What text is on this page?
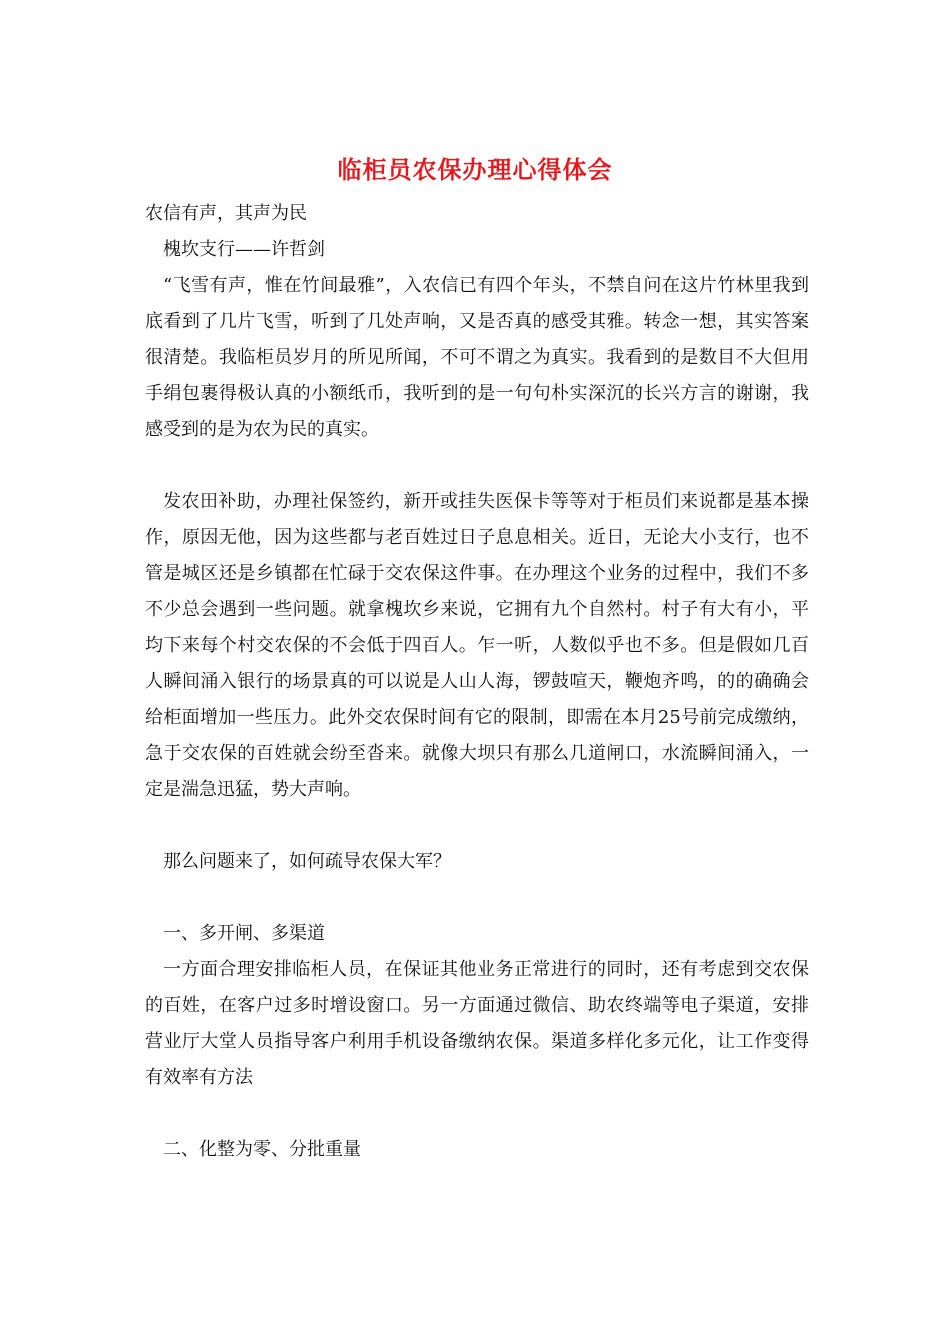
临柜员农保办理心得体会

农信有声，其声为民

槐坎支行——许哲剑

“飞雪有声，惟在竹间最雅”，入农信已有四个年头，不禁自问在这片竹林里我到底看到了几片飞雪，听到了几处声响，又是否真的感受其雅。转念一想，其实答案很清楚。我临柜员岁月的所见所闻，不可不谓之为真实。我看到的是数目不大但用手绢包裹得极认真的小额纸币，我听到的是一句句朴实深沉的长兴方言的谢谢，我感受到的是为农为民的真实。

发农田补助，办理社保签约，新开或挂失医保卡等等对于柜员们来说都是基本操作，原因无他，因为这些都与老百姓过日子息息相关。近日，无论大小支行，也不管是城区还是乡镇都在忙碌于交农保这件事。在办理这个业务的过程中，我们不多不少总会遇到一些问题。就拿槐坎乡来说，它拥有九个自然村。村子有大有小，平均下来每个村交农保的不会低于四百人。乍一听，人数似乎也不多。但是假如几百人瞬间涌入银行的场景真的可以说是人山人海，锣鼓喧天，鞭炮齐鸣，的的确确会给柜面增加一些压力。此外交农保时间有它的限制，即需在本月25号前完成缴纳，急于交农保的百姓就会纷至沓来。就像大坝只有那么几道闸口，水流瞬间涌入，一定是湍急迅猛，势大声响。

那么问题来了，如何疏导农保大军？

一、多开闸、多渠道

一方面合理安排临柜人员，在保证其他业务正常进行的同时，还有考虑到交农保的百姓，在客户过多时增设窗口。另一方面通过微信、助农终端等电子渠道，安排营业厅大堂人员指导客户利用手机设备缴纳农保。渠道多样化多元化，让工作变得有效率有方法

二、化整为零、分批重量
